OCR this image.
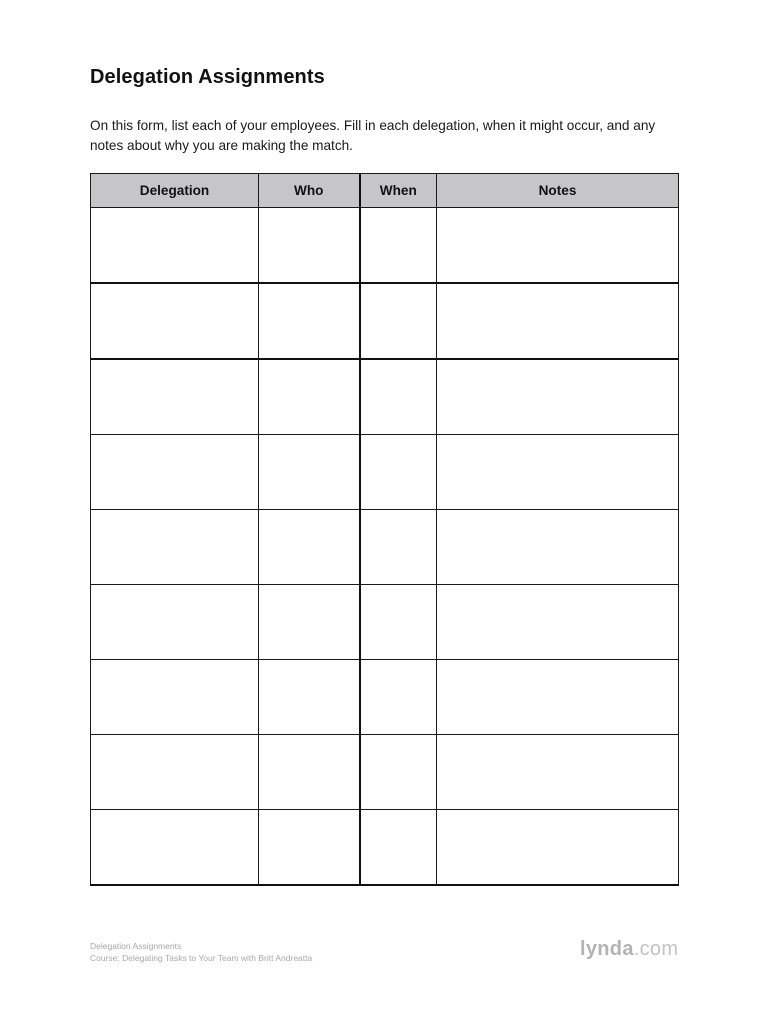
Delegation Assignments

On this form, list each of your employees. Fill in each delegation, when it might occur, and any notes about why you are making the match.

Delegation	Who	When	Notes

Delegation Assignments
Course: Delegating Tasks to Your Team with Britt Andreatta	lynda.com
